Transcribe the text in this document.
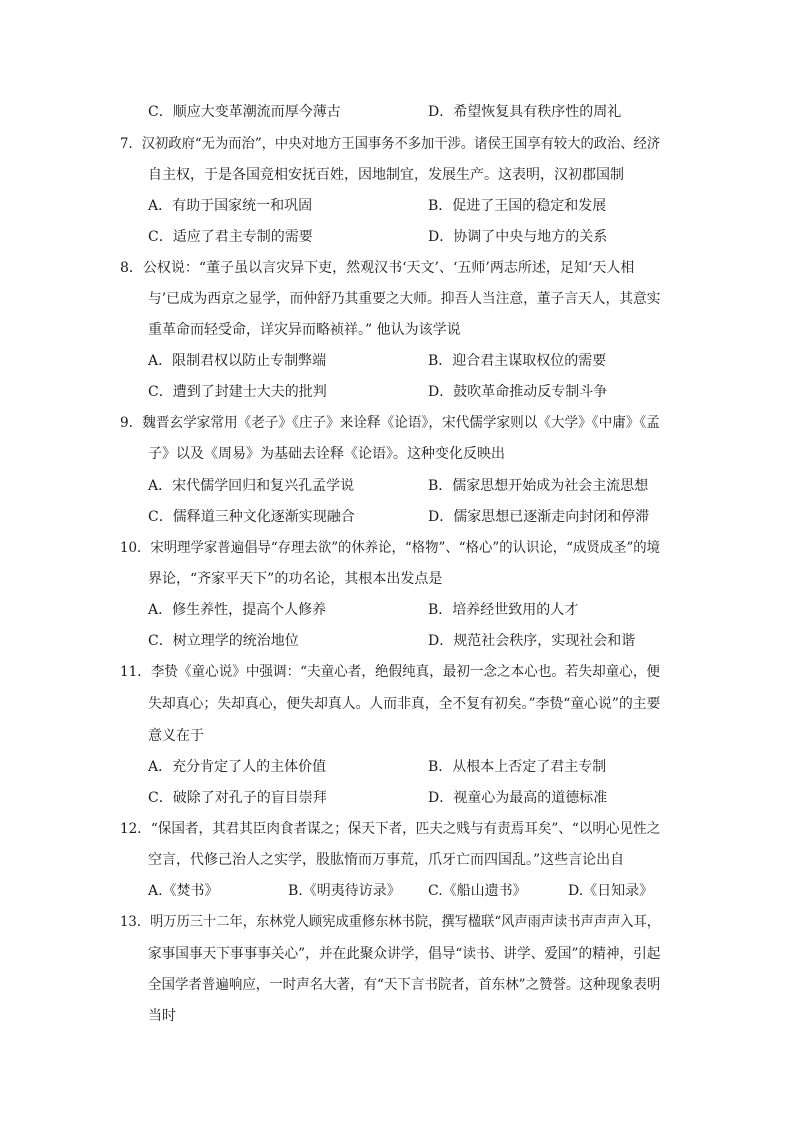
C．顺应大变革潮流而厚今薄古	D．希望恢复具有秩序性的周礼
7．汉初政府“无为而治”，中央对地方王国事务不多加干涉。诸侯王国享有较大的政治、经济
自主权，于是各国竞相安抚百姓，因地制宜，发展生产。这表明，汉初郡国制
A．有助于国家统一和巩固	B．促进了王国的稳定和发展
C．适应了君主专制的需要	D．协调了中央与地方的关系
8．公权说：“董子虽以言灾异下吏，然观汉书‘天文’、‘五师’两志所述，足知‘天人相
与’已成为西京之显学，而仲舒乃其重要之大师。抑吾人当注意，董子言天人，其意实
重革命而轻受命，详灾异而略祯祥。” 他认为该学说
A．限制君权以防止专制弊端	B．迎合君主谋取权位的需要
C．遭到了封建士大夫的批判	D．鼓吹革命推动反专制斗争
9．魏晋玄学家常用《老子》《庄子》来诠释《论语》，宋代儒学家则以《大学》《中庸》《孟
子》以及《周易》为基础去诠释《论语》。这种变化反映出
A．宋代儒学回归和复兴孔孟学说	B．儒家思想开始成为社会主流思想
C．儒释道三种文化逐渐实现融合	D．儒家思想已逐渐走向封闭和停滞
10．宋明理学家普遍倡导“存理去欲”的休养论，“格物”、“格心”的认识论，“成贤成圣”的境
界论，“齐家平天下”的功名论，其根本出发点是
A．修生养性，提高个人修养	B．培养经世致用的人才
C．树立理学的统治地位	D．规范社会秩序，实现社会和谐
11．李贽《童心说》中强调：“夫童心者，绝假纯真，最初一念之本心也。若失却童心，便
失却真心；失却真心，便失却真人。人而非真，全不复有初矣。”李贽“童心说”的主要
意义在于
A．充分肯定了人的主体价值	B．从根本上否定了君主专制
C．破除了对孔子的盲目崇拜	D．视童心为最高的道德标准
12．“保国者，其君其臣肉食者谋之；保天下者，匹夫之贱与有责焉耳矣”、“以明心见性之
空言，代修己治人之实学，股肱惰而万事荒，爪牙亡而四国乱。”这些言论出自
A.《焚书》	B.《明夷待访录》 C.《船山遗书》	D.《日知录》
13．明万历三十二年，东林党人顾宪成重修东林书院，撰写楹联“风声雨声读书声声声入耳，
家事国事天下事事事关心”，并在此聚众讲学，倡导“读书、讲学、爱国”的精神，引起
全国学者普遍响应，一时声名大著，有“天下言书院者，首东林”之赞誉。这种现象表明
当时
